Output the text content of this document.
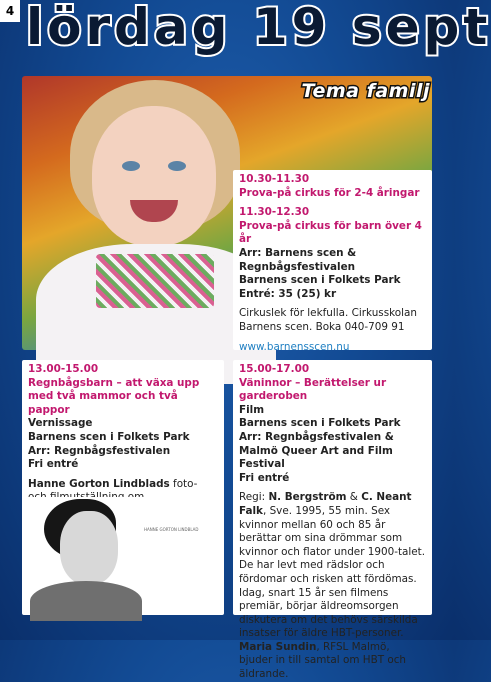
4 lördag 19 sept
Tema familj

10.30-11.30

Prova-på cirkus för 2-4 åringar

11.30-12.30

Prova-på cirkus för barn över 4 år

Arr: Barnens scen & Regnbågsfestivalen

Barnens scen i Folkets Park

Entré: 35 (25) kr

Cirkuslek för lekfulla. Cirkusskolan Barnens scen. Boka 040-709 91

www.barnensscen.nu

13.00-15.00

Regnbågsbarn – att växa upp med två mammor och två pappor

Vernissage

Barnens scen i Folkets Park

Arr: Regnbågsfestivalen

Fri entré

Hanne Gorton Lindblads foto-

HANNE GORTON LINDBLAD

15.00-17.00

Väninnor – Berättelser ur garderoben

Film

Barnens scen i Folkets Park

Arr: Regnbågsfestivalen & Malmö Queer Art and Film Festival

Fri entré

Regi: N. Bergström & C. Neant Falk, Sve. 1995, 55 min. Sex kvinnor mellan 60 och 85 år berättar om sina drömmar som kvinnor och flator under 1900-talet. De har levt med rädslor och fördomar och risken att fördömas. Idag, snart 15 år sen filmens premiär, börjar äldreomsorgen diskutera om det behövs särskilda insatser för äldre HBT-personer. Maria Sundin, RFSL Malmö, bjuder in till samtal om HBT och äldrande.
